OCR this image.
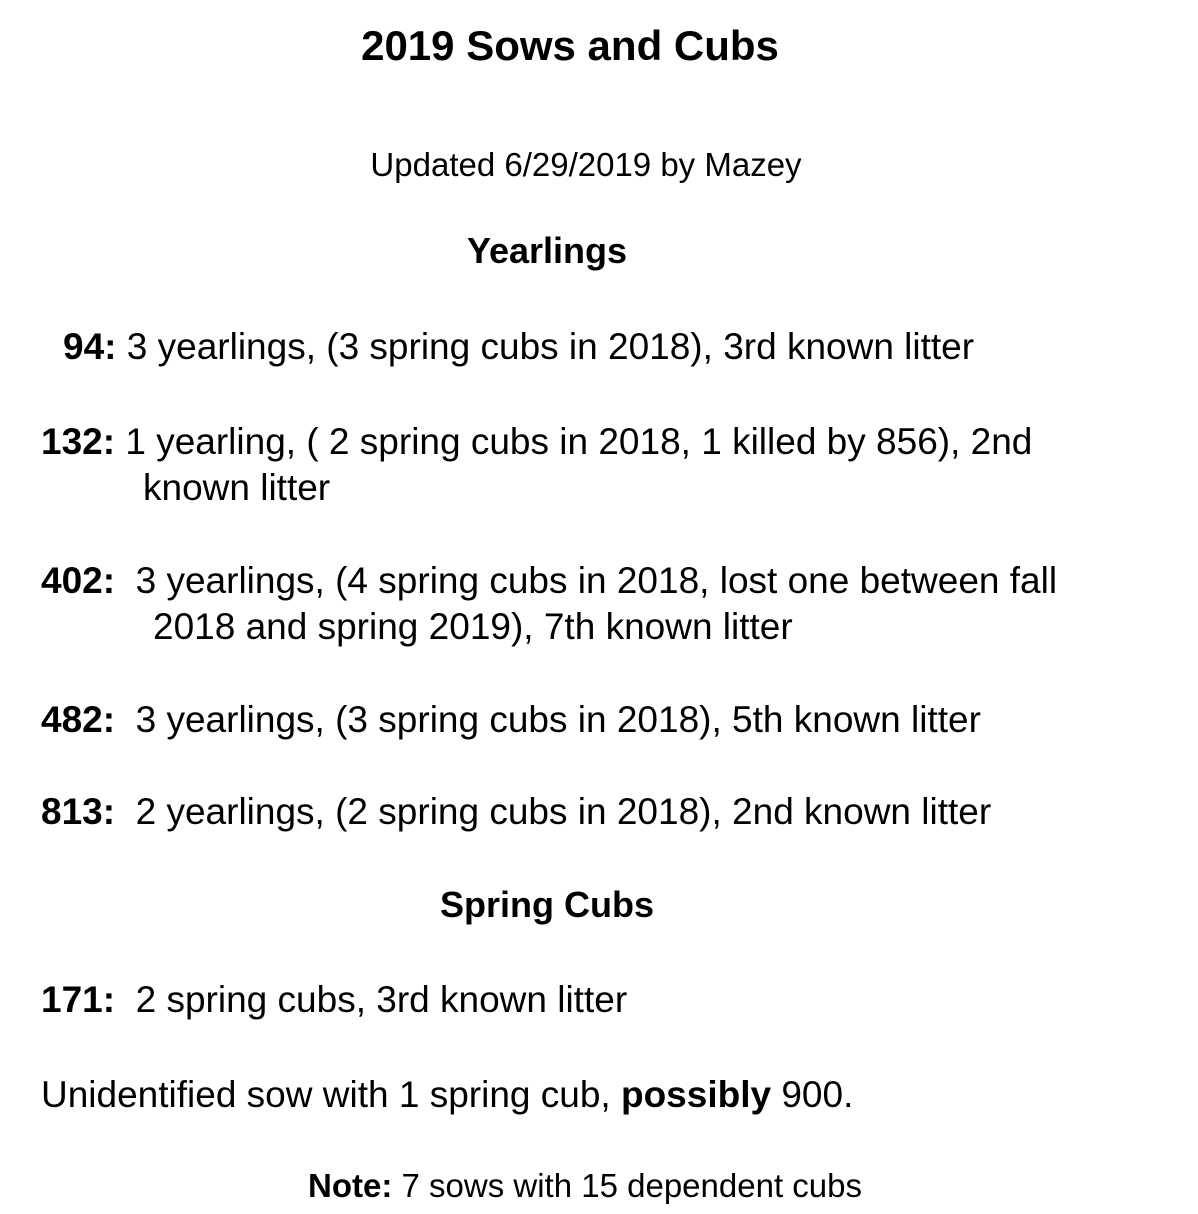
2019 Sows and Cubs
Updated 6/29/2019 by Mazey
Yearlings
94: 3 yearlings, (3 spring cubs in 2018), 3rd known litter
132: 1 yearling, ( 2 spring cubs in 2018, 1 killed by 856), 2nd
known litter
402:  3 yearlings, (4 spring cubs in 2018, lost one between fall
2018 and spring 2019), 7th known litter
482:  3 yearlings, (3 spring cubs in 2018), 5th known litter
813:  2 yearlings, (2 spring cubs in 2018), 2nd known litter
Spring Cubs
171:  2 spring cubs, 3rd known litter
Unidentified sow with 1 spring cub, possibly 900.
Note: 7 sows with 15 dependent cubs
